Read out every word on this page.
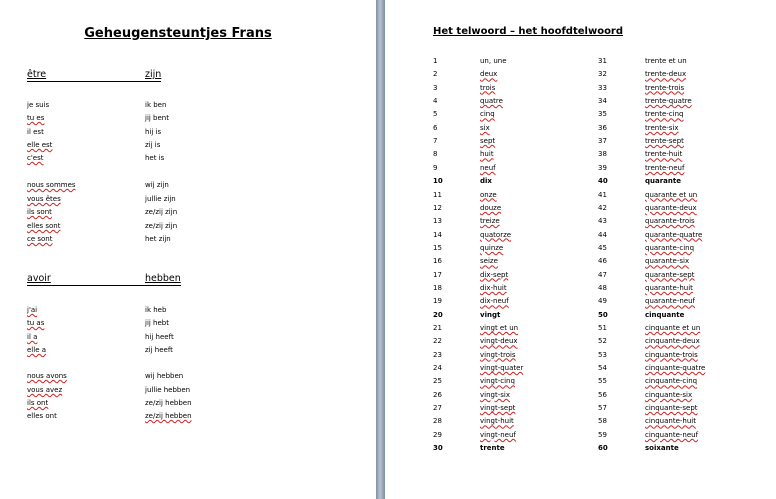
Geheugensteuntjes Frans
être	zijn
je suis	ik ben
tu es	jij bent
il est	hij is
elle est	zij is
c'est	het is
nous sommes	wij zijn
vous êtes	jullie zijn
ils sont	ze/zij zijn
elles sont	ze/zij zijn
ce sont	het zijn
avoir	hebben
j'ai	ik heb
tu as	jij hebt
il a	hij heeft
elle a	zij heeft
nous avons	wij hebben
vous avez	jullie hebben
ils ont	ze/zij hebben
elles ont	ze/zij hebben
Het telwoord – het hoofdtelwoord
1	un, une	31	trente et un
2	deux	32	trente-deux
3	trois	33	trente-trois
4	quatre	34	trente-quatre
5	cinq	35	trente-cinq
6	six	36	trente-six
7	sept	37	trente-sept
8	huit	38	trente-huit
9	neuf	39	trente-neuf
10	dix	40	quarante
11	onze	41	quarante et un
12	douze	42	quarante-deux
13	treize	43	quarante-trois
14	quatorze	44	quarante-quatre
15	quinze	45	quarante-cinq
16	seize	46	quarante-six
17	dix-sept	47	quarante-sept
18	dix-huit	48	quarante-huit
19	dix-neuf	49	quarante-neuf
20	vingt	50	cinquante
21	vingt et un	51	cinquante et un
22	vingt-deux	52	cinquante-deux
23	vingt-trois	53	cinquante-trois
24	vingt-quater	54	cinquante-quatre
25	vingt-cinq	55	cinquante-cinq
26	vingt-six	56	cinquante-six
27	vingt-sept	57	cinquante-sept
28	vingt-huit	58	cinquante-huit
29	vingt-neuf	59	cinquante-neuf
30	trente	60	soixante
